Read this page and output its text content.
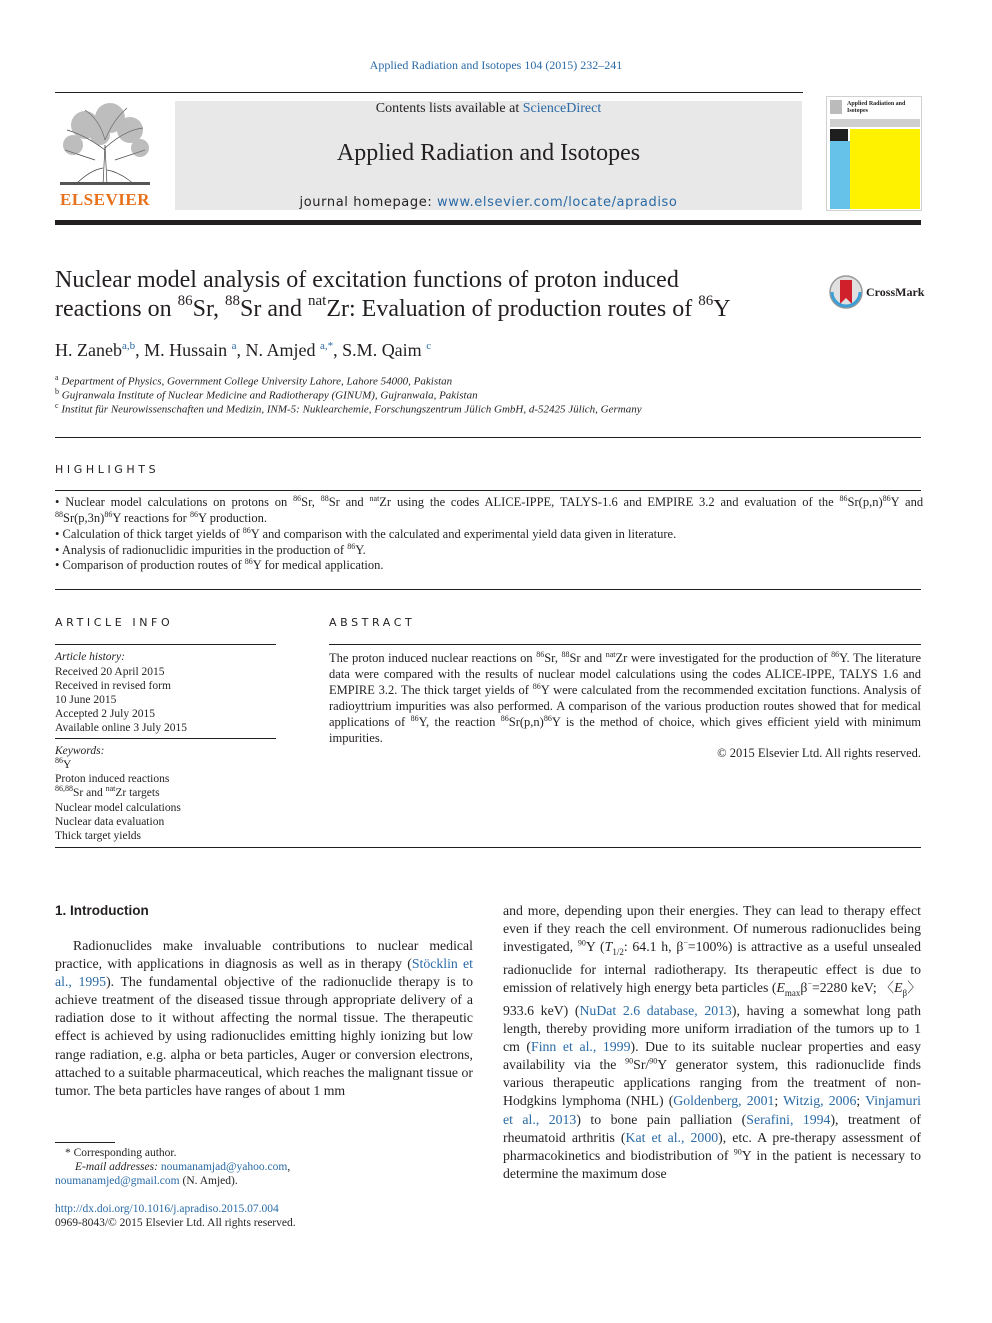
Applied Radiation and Isotopes 104 (2015) 232–241
ELSEVIER
Contents lists available at ScienceDirect
Applied Radiation and Isotopes
journal homepage: www.elsevier.com/locate/apradiso
Applied Radiation and Isotopes
Nuclear model analysis of excitation functions of proton induced
reactions on $^{86}$Sr, $^{88}$Sr and $^{nat}$Zr: Evaluation of production routes of $^{86}$Y
CrossMark
H. Zaneb$^{a,b}$, M. Hussain $^a$, N. Amjed $^{a,*}$, S.M. Qaim $^c$
$^a$ Department of Physics, Government College University Lahore, Lahore 54000, Pakistan
$^b$ Gujranwala Institute of Nuclear Medicine and Radiotherapy (GINUM), Gujranwala, Pakistan
$^c$ Institut für Neurowissenschaften und Medizin, INM-5: Nuklearchemie, Forschungszentrum Jülich GmbH, d-52425 Jülich, Germany
HIGHLIGHTS
• Nuclear model calculations on protons on $^{86}$Sr, $^{88}$Sr and $^{nat}$Zr using the codes ALICE-IPPE, TALYS-1.6 and EMPIRE 3.2 and evaluation of the $^{86}Sr(p,n)^{86}Y$ and $^{88}Sr(p,3n)^{86}Y$ reactions for $^{86}$Y production.
• Calculation of thick target yields of $^{86}$Y and comparison with the calculated and experimental yield data given in literature.
• Analysis of radionuclidic impurities in the production of $^{86}$Y.
• Comparison of production routes of $^{86}$Y for medical application.
ARTICLE INFO
Article history:
Received 20 April 2015
Received in revised form
10 June 2015
Accepted 2 July 2015
Available online 3 July 2015
Keywords:
$^{86}$Y
Proton induced reactions
$^{86,88}$Sr and $^{nat}$Zr targets
Nuclear model calculations
Nuclear data evaluation
Thick target yields
ABSTRACT
The proton induced nuclear reactions on $^{86}$Sr, $^{88}$Sr and $^{nat}$Zr were investigated for the production of $^{86}$Y. The literature data were compared with the results of nuclear model calculations using the codes ALICE-IPPE, TALYS 1.6 and EMPIRE 3.2. The thick target yields of $^{86}$Y were calculated from the recommended excitation functions. Analysis of radioyttrium impurities was also performed. A comparison of the various production routes showed that for medical applications of $^{86}$Y, the reaction $^{86}Sr(p,n)^{86}Y$ is the method of choice, which gives efficient yield with minimum impurities.
© 2015 Elsevier Ltd. All rights reserved.
1. Introduction
Radionuclides make invaluable contributions to nuclear medical practice, with applications in diagnosis as well as in therapy (Stöcklin et al., 1995). The fundamental objective of the radionuclide therapy is to achieve treatment of the diseased tissue through appropriate delivery of a radiation dose to it without affecting the normal tissue. The therapeutic effect is achieved by using radionuclides emitting highly ionizing but low range radiation, e.g. alpha or beta particles, Auger or conversion electrons, attached to a suitable pharmaceutical, which reaches the malignant tissue or tumor. The beta particles have ranges of about 1 mm
and more, depending upon their energies. They can lead to therapy effect even if they reach the cell environment. Of numerous radionuclides being investigated, $^{90}$Y ($T_{1/2}$: 64.1 h, β−=100%) is attractive as a useful unsealed radionuclide for internal radiotherapy. Its therapeutic effect is due to emission of relatively high energy beta particles ($E_{max}\beta^-=2280$ keV; 〈$E_\beta$〉933.6 keV) (NuDat 2.6 database, 2013), having a somewhat long path length, thereby providing more uniform irradiation of the tumors up to 1 cm (Finn et al., 1999). Due to its suitable nuclear properties and easy availability via the $^{90}$Sr/$^{90}$Y generator system, this radionuclide finds various therapeutic applications ranging from the treatment of non-Hodgkins lymphoma (NHL) (Goldenberg, 2001; Witzig, 2006; Vinjamuri et al., 2013) to bone pain palliation (Serafini, 1994), treatment of rheumatoid arthritis (Kat et al., 2000), etc. A pre-therapy assessment of pharmacokinetics and biodistribution of $^{90}$Y in the patient is necessary to determine the maximum dose
* Corresponding author.
E-mail addresses: noumanamjad@yahoo.com,
noumanamjed@gmail.com (N. Amjed).
http://dx.doi.org/10.1016/j.apradiso.2015.07.004
0969-8043/© 2015 Elsevier Ltd. All rights reserved.
